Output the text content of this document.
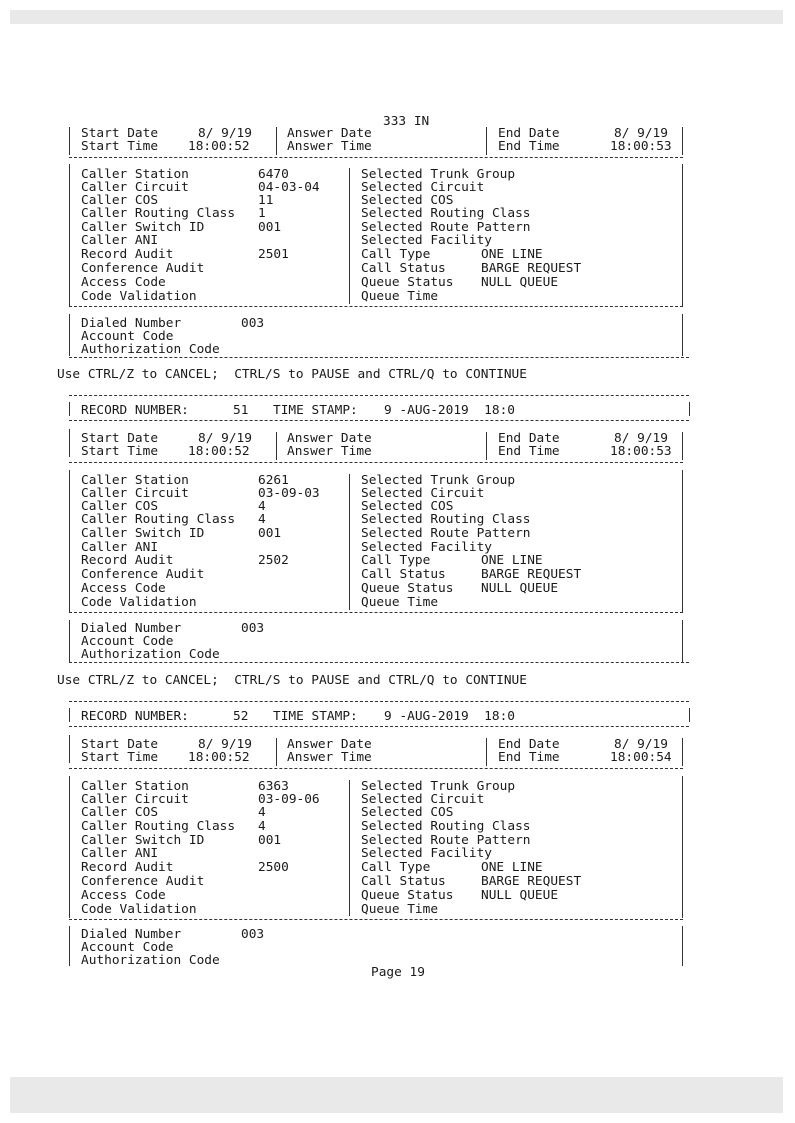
333 IN
Start Date	8/ 9/19	Answer Date	End Date	8/ 9/19
Start Time 18:00:52	Answer Time	End Time	18:00:53
Caller Station	6470	Selected Trunk Group
Caller Circuit	04-03-04	Selected Circuit
Caller COS	11	Selected COS
Caller Routing Class 1	Selected Routing Class
Caller Switch ID	001	Selected Route Pattern
Caller ANI	Selected Facility
Record Audit	2501	Call Type	ONE LINE
Conference Audit	Call Status	BARGE REQUEST
Access Code	Queue Status NULL QUEUE
Code Validation	Queue Time
Dialed Number	003
Account Code
Authorization Code
Use CTRL/Z to CANCEL;  CTRL/S to PAUSE and CTRL/Q to CONTINUE
RECORD NUMBER:	51 TIME STAMP: 9 -AUG-2019  18:0
Start Date	8/ 9/19	Answer Date	End Date	8/ 9/19
Start Time 18:00:52	Answer Time	End Time	18:00:53
Caller Station	6261	Selected Trunk Group
Caller Circuit	03-09-03	Selected Circuit
Caller COS	4	Selected COS
Caller Routing Class 4	Selected Routing Class
Caller Switch ID	001	Selected Route Pattern
Caller ANI	Selected Facility
Record Audit	2502	Call Type	ONE LINE
Conference Audit	Call Status	BARGE REQUEST
Access Code	Queue Status NULL QUEUE
Code Validation	Queue Time
Dialed Number	003
Account Code
Authorization Code
Use CTRL/Z to CANCEL;  CTRL/S to PAUSE and CTRL/Q to CONTINUE
RECORD NUMBER:	52 TIME STAMP: 9 -AUG-2019  18:0
Start Date	8/ 9/19	Answer Date	End Date	8/ 9/19
Start Time 18:00:52	Answer Time	End Time	18:00:54
Caller Station	6363	Selected Trunk Group
Caller Circuit	03-09-06	Selected Circuit
Caller COS	4	Selected COS
Caller Routing Class 4	Selected Routing Class
Caller Switch ID	001	Selected Route Pattern
Caller ANI	Selected Facility
Record Audit	2500	Call Type	ONE LINE
Conference Audit	Call Status	BARGE REQUEST
Access Code	Queue Status NULL QUEUE
Code Validation	Queue Time
Dialed Number	003
Account Code
Authorization Code
Page 19
